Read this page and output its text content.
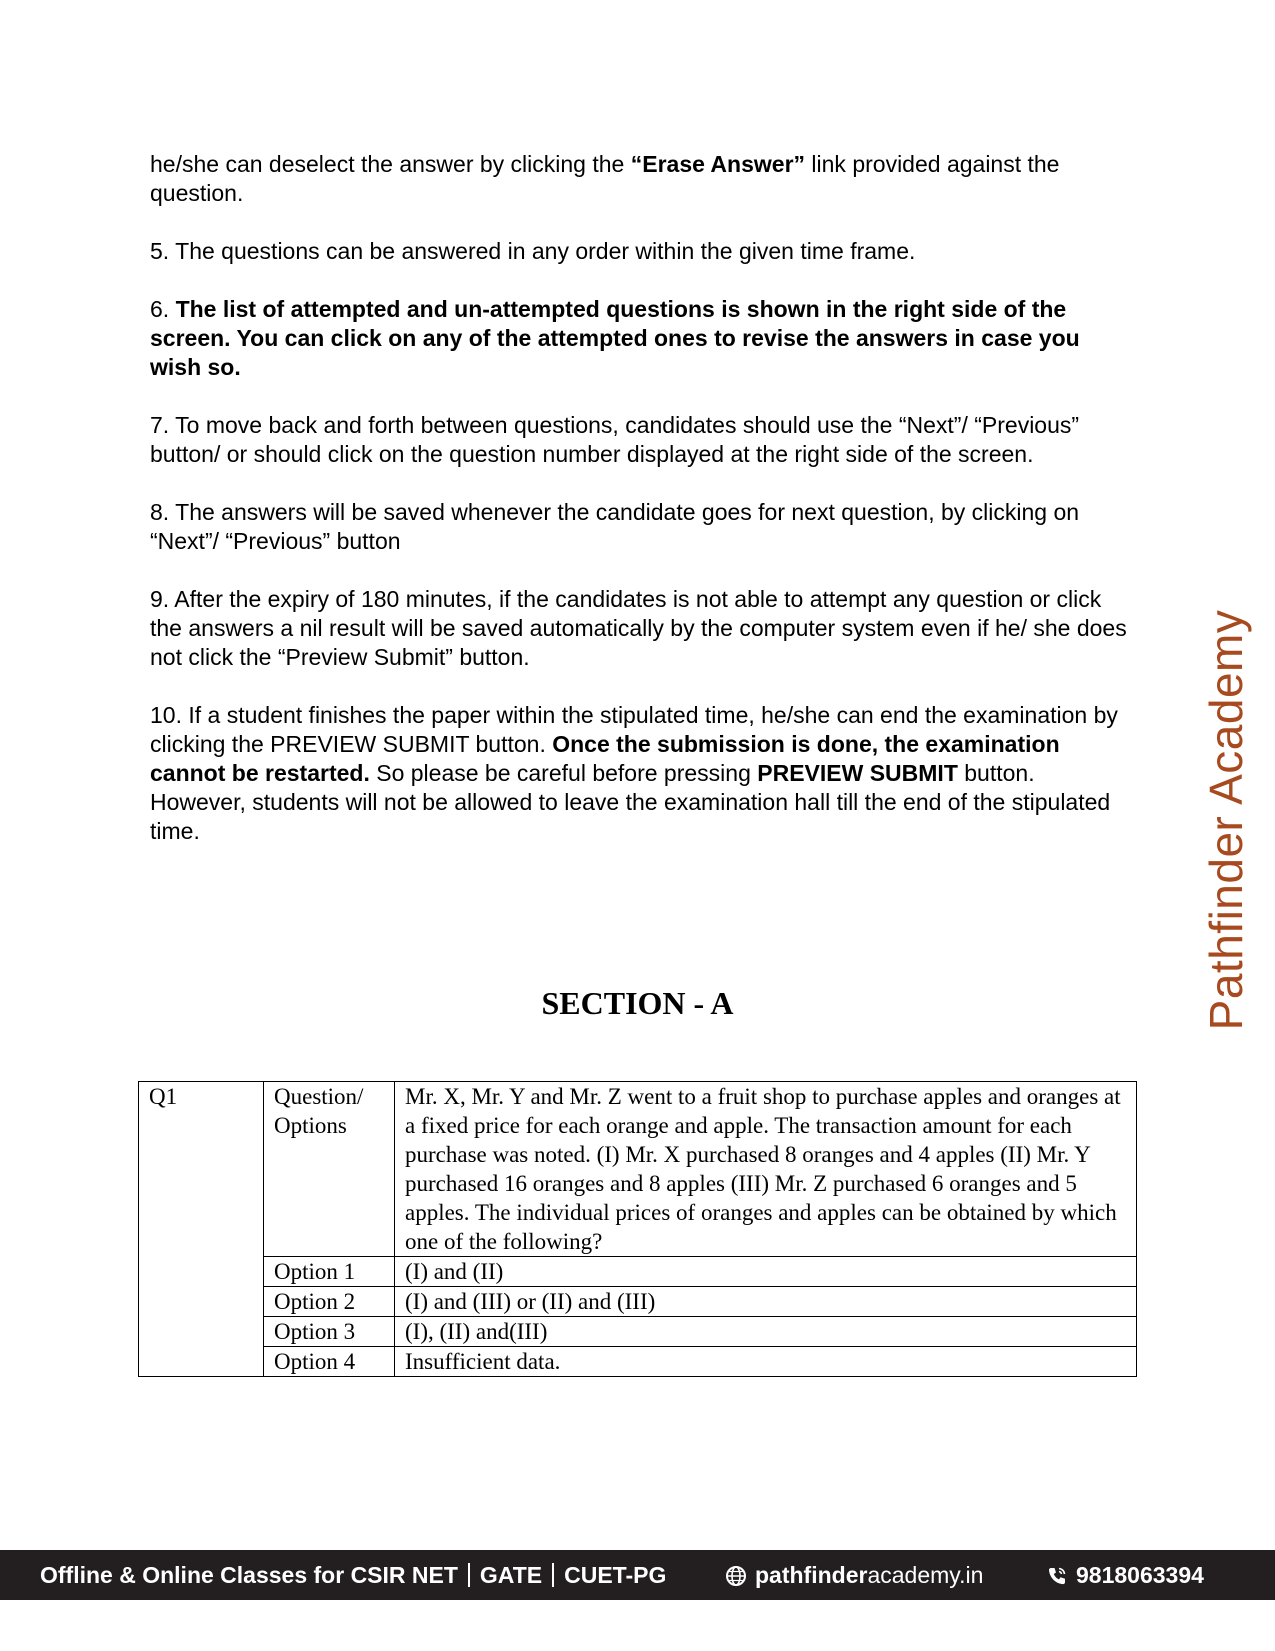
he/she can deselect the answer by clicking the “Erase Answer” link provided against the question.

5. The questions can be answered in any order within the given time frame.

6. The list of attempted and un-attempted questions is shown in the right side of the screen. You can click on any of the attempted ones to revise the answers in case you wish so.

7. To move back and forth between questions, candidates should use the “Next”/ “Previous” button/ or should click on the question number displayed at the right side of the screen.

8. The answers will be saved whenever the candidate goes for next question, by clicking on “Next”/ “Previous” button

9. After the expiry of 180 minutes, if the candidates is not able to attempt any question or click the answers a nil result will be saved automatically by the computer system even if he/ she does not click the “Preview Submit” button.

10. If a student finishes the paper within the stipulated time, he/she can end the examination by clicking the PREVIEW SUBMIT button. Once the submission is done, the examination cannot be restarted. So please be careful before pressing PREVIEW SUBMIT button. However, students will not be allowed to leave the examination hall till the end of the stipulated time.	Pathfinder Academy
SECTION - A
Q1	Question/ Options	Mr. X, Mr. Y and Mr. Z went to a fruit shop to purchase apples and oranges at a fixed price for each orange and apple. The transaction amount for each purchase was noted. (I) Mr. X purchased 8 oranges and 4 apples (II) Mr. Y purchased 16 oranges and 8 apples (III) Mr. Z purchased 6 oranges and 5 apples. The individual prices of oranges and apples can be obtained by which one of the following?
	Option 1	(I) and (II)
	Option 2	(I) and (III) or (II) and (III)
	Option 3	(I), (II) and(III)
	Option 4	Insufficient data.
Offline & Online Classes for CSIR NET GATE CUET-PG	pathfinderacademy.in	9818063394
